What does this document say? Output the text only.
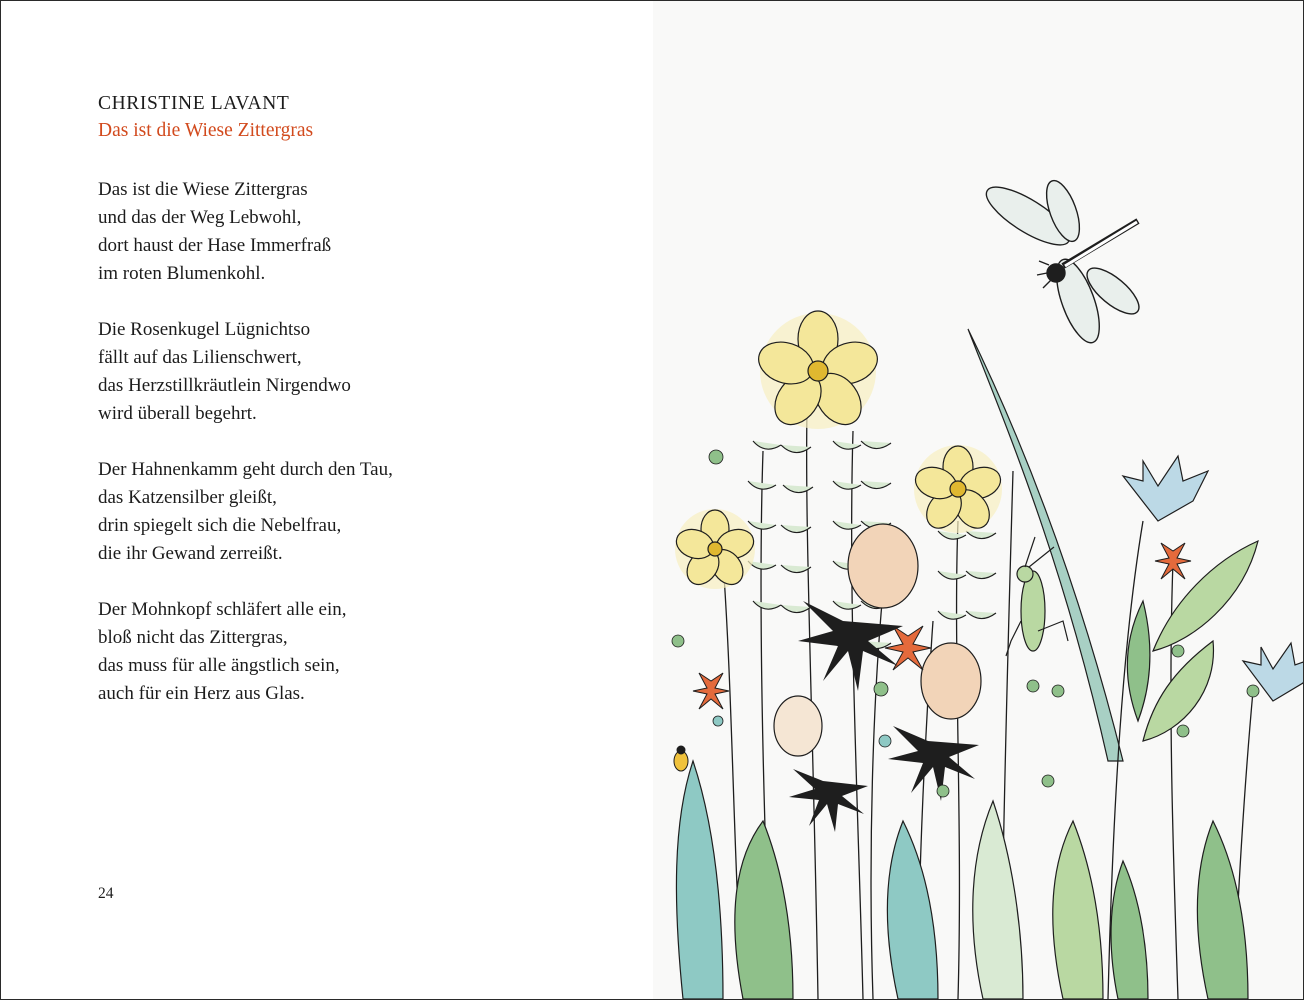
CHRISTINE LAVANT
Das ist die Wiese Zittergras
Das ist die Wiese Zittergras
und das der Weg Lebwohl,
dort haust der Hase Immerfraß
im roten Blumenkohl.
Die Rosenkugel Lügnichtso
fällt auf das Lilienschwert,
das Herzstillkräutlein Nirgendwo
wird überall begehrt.
Der Hahnenkamm geht durch den Tau,
das Katzensilber gleißt,
drin spiegelt sich die Nebelfrau,
die ihr Gewand zerreißt.
Der Mohnkopf schläfert alle ein,
bloß nicht das Zittergras,
das muss für alle ängstlich sein,
auch für ein Herz aus Glas.
24
